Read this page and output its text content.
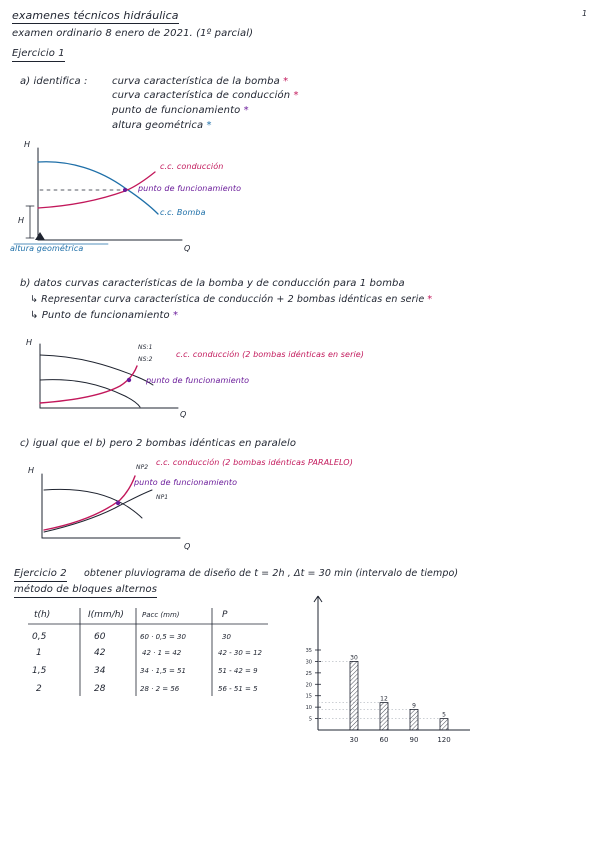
examenes técnicos hidráulica	1
examen ordinario 8 enero de 2021. (1º parcial)
Ejercicio 1
a) identifica : curva característica de la bomba *
curva característica de conducción *
punto de funcionamiento *
altura geométrica *
35
30
25
20
15
10
5
30
30
12
60
9
90
5
120
H
Q
H
c.c. conducción
punto de funcionamiento
c.c. Bomba
altura geométrica
b) datos curvas características de la bomba y de conducción para 1 bomba
↳ Representar curva característica de conducción + 2 bombas idénticas en serie *
↳ Punto de funcionamiento *
H
Q
NS:1
NS:2
c.c. conducción (2 bombas idénticas en serie)
punto de funcionamiento
c) igual que el b) pero 2 bombas idénticas en paralelo
H
Q
NP2
NP1
c.c. conducción (2 bombas idénticas PARALELO)
punto de funcionamiento
Ejercicio 2 obtener pluviograma de diseño de t = 2h , Δt = 30 min (intervalo de tiempo)
método de bloques alternos
t(h)	I(mm/h)	Pacc (mm)	P
0,5	60	60 · 0,5 = 30	30
1	42	42 · 1 = 42	42 - 30 = 12
1,5	34	34 · 1,5 = 51	51 - 42 = 9
2	28	28 · 2 = 56	56 - 51 = 5
